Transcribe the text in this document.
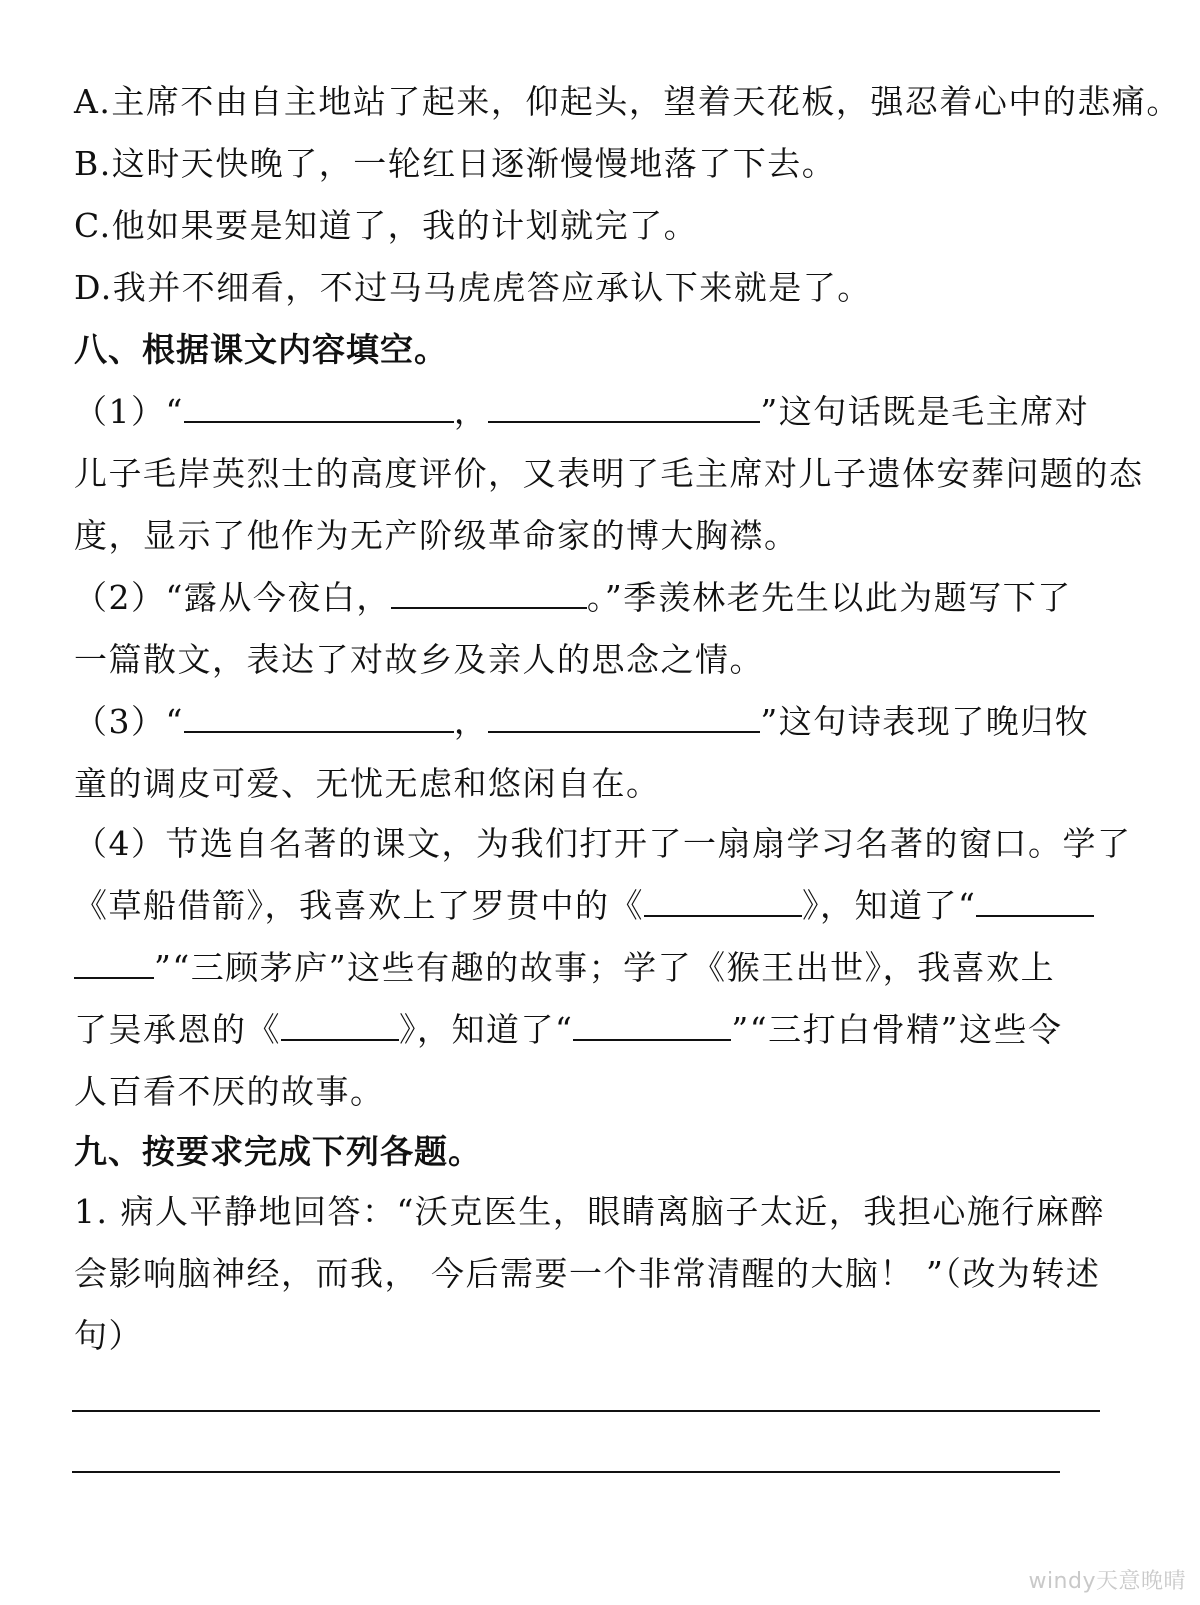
A.主席不由自主地站了起来，仰起头，望着天花板，强忍着心中的悲痛。
B.这时天快晚了，一轮红日逐渐慢慢地落了下去。
C.他如果要是知道了，我的计划就完了。
D.我并不细看，不过马马虎虎答应承认下来就是了。
八、根据课文内容填空。
（1）“	，	”这句话既是毛主席对
儿子毛岸英烈士的高度评价，又表明了毛主席对儿子遗体安葬问题的态
度，显示了他作为无产阶级革命家的博大胸襟。
（2）“露从今夜白，	。”季羡林老先生以此为题写下了
一篇散文，表达了对故乡及亲人的思念之情。
（3）“	，	”这句诗表现了晚归牧
童的调皮可爱、无忧无虑和悠闲自在。
（4）节选自名著的课文，为我们打开了一扇扇学习名著的窗口。学了
《草船借箭》，我喜欢上了罗贯中的《	》，知道了“
”“三顾茅庐”这些有趣的故事；学了《猴王出世》，我喜欢上
了吴承恩的《	》，知道了“	”“三打白骨精”这些令
人百看不厌的故事。
九、按要求完成下列各题。
1. 病人平静地回答：“沃克医生，眼睛离脑子太近，我担心施行麻醉
会影响脑神经，而我， 今后需要一个非常清醒的大脑！ ”（改为转述
句）
windy天意晚晴
